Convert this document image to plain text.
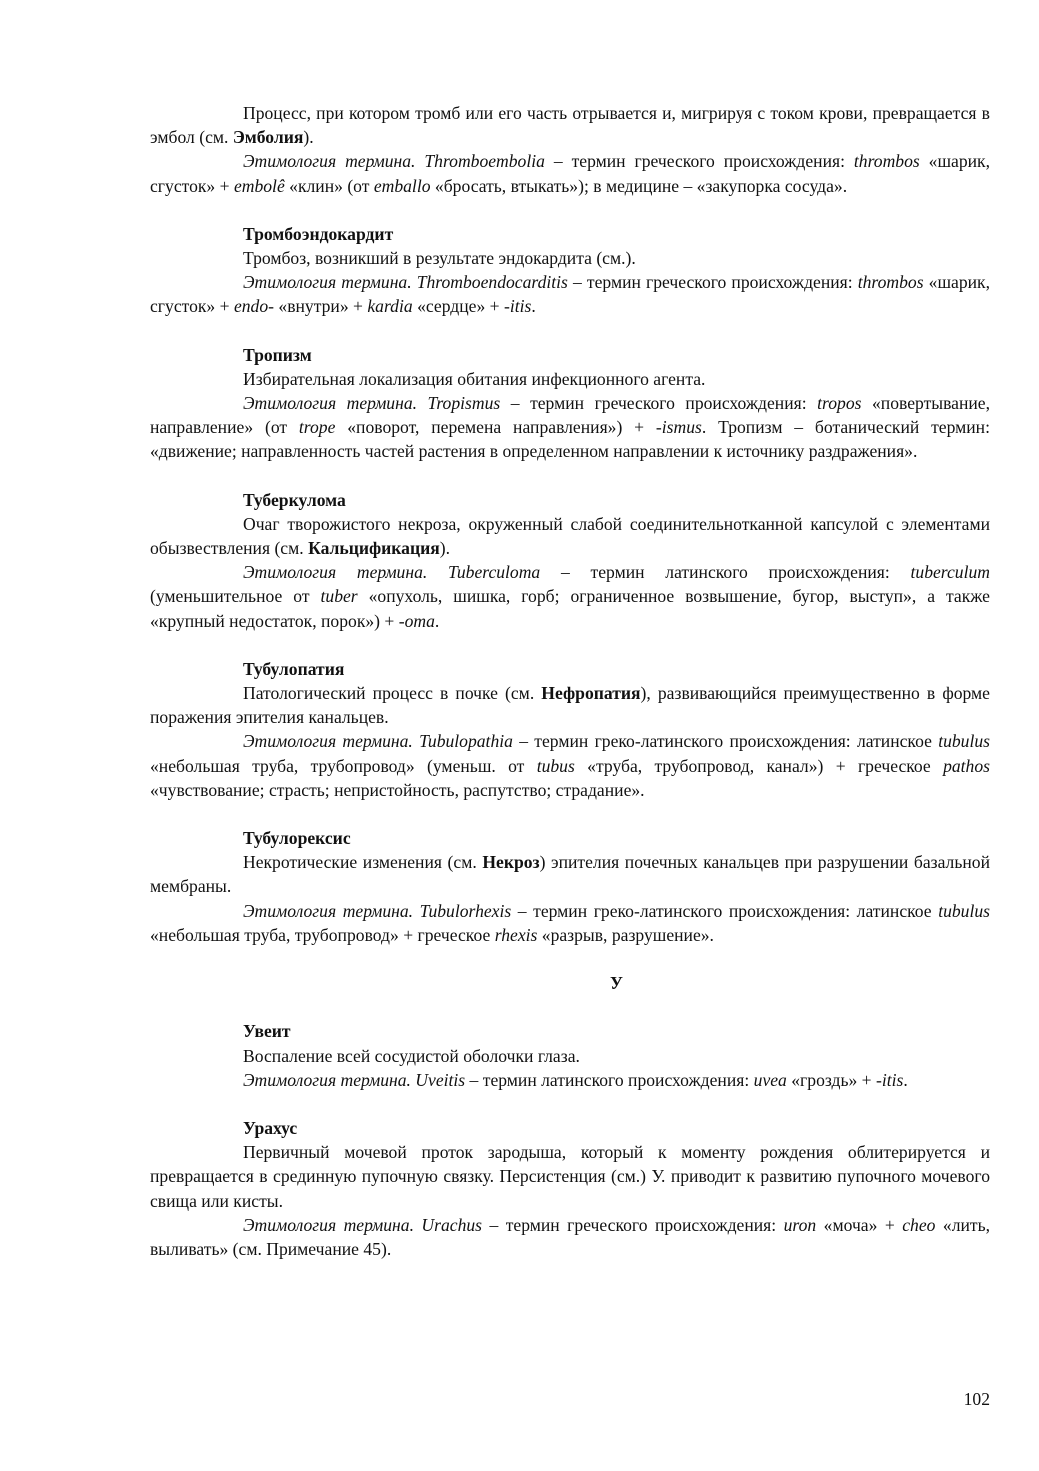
Процесс, при котором тромб или его часть отрывается и, мигрируя с током крови, превращается в эмбол (см. Эмболия).

Этимология термина. Thromboembolia – термин греческого происхождения: thrombos «шарик, сгусток» + embolê «клин» (от emballo «бросать, втыкать»); в медицине – «закупорка сосуда».

Тромбоэндокардит

Тромбоз, возникший в результате эндокардита (см.).

Этимология термина. Thromboendocarditis – термин греческого происхождения: thrombos «шарик, сгусток» + endo- «внутри» + kardia «сердце» + -itis.

Тропизм

Избирательная локализация обитания инфекционного агента.

Этимология термина. Tropismus – термин греческого происхождения: tropos «повертывание, направление» (от trope «поворот, перемена направления») + -ismus. Тропизм – ботанический термин: «движение; направленность частей растения в определенном направлении к источнику раздражения».

Туберкулома

Очаг творожистого некроза, окруженный слабой соединительнотканной капсулой с элементами обызвествления (см. Кальцификация).

Этимология термина. Tuberculoma – термин латинского происхождения: tuberculum (уменьшительное от tuber «опухоль, шишка, горб; ограниченное возвышение, бугор, выступ», а также «крупный недостаток, порок») + -oma.

Тубулопатия

Патологический процесс в почке (см. Нефропатия), развивающийся преимущественно в форме поражения эпителия канальцев.

Этимология термина. Tubulopathia – термин греко-латинского происхождения: латинское tubulus «небольшая труба, трубопровод» (уменьш. от tubus «труба, трубопровод, канал») + греческое pathos «чувствование; страсть; непристойность, распутство; страдание».

Тубулорексис

Некротические изменения (см. Некроз) эпителия почечных канальцев при разрушении базальной мембраны.

Этимология термина. Tubulorhexis – термин греко-латинского происхождения: латинское tubulus «небольшая труба, трубопровод» + греческое rhexis «разрыв, разрушение».

У

Увеит

Воспаление всей сосудистой оболочки глаза.

Этимология термина. Uveitis – термин латинского происхождения: uvea «гроздь» + -itis.

Урахус

Первичный мочевой проток зародыша, который к моменту рождения облитерируется и превращается в срединную пупочную связку. Персистенция (см.) У. приводит к развитию пупочного мочевого свища или кисты.

Этимология термина. Urachus – термин греческого происхождения: uron «моча» + cheo «лить, выливать» (см. Примечание 45).

102
